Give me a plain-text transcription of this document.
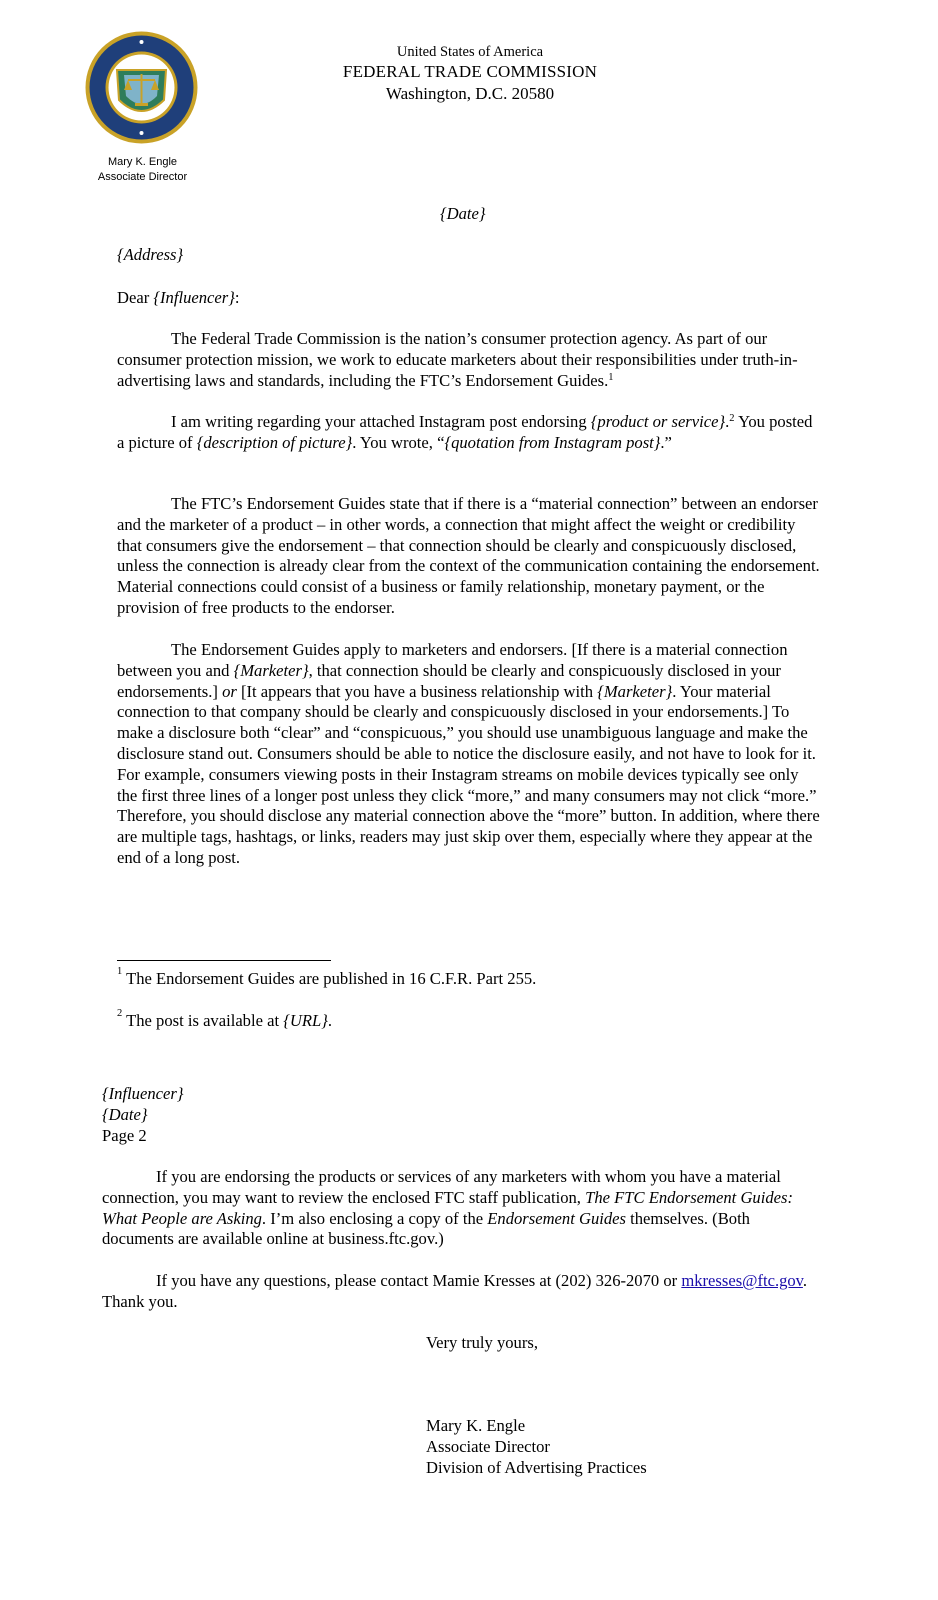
United States of America
FEDERAL TRADE COMMISSION
Washington, D.C. 20580
Mary K. Engle
Associate Director
{Date}
{Address}
Dear {Influencer}:

The Federal Trade Commission is the nation’s consumer protection agency. As part of our consumer protection mission, we work to educate marketers about their responsibilities under truth-in-advertising laws and standards, including the FTC’s Endorsement Guides.$^1$

I am writing regarding your attached Instagram post endorsing {product or service}.$^2$ You posted a picture of {description of picture}. You wrote, “{quotation from Instagram post}.”

The FTC’s Endorsement Guides state that if there is a “material connection” between an endorser and the marketer of a product – in other words, a connection that might affect the weight or credibility that consumers give the endorsement – that connection should be clearly and conspicuously disclosed, unless the connection is already clear from the context of the communication containing the endorsement. Material connections could consist of a business or family relationship, monetary payment, or the provision of free products to the endorser.

The Endorsement Guides apply to marketers and endorsers. [If there is a material connection between you and {Marketer}, that connection should be clearly and conspicuously disclosed in your endorsements.] or [It appears that you have a business relationship with {Marketer}. Your material connection to that company should be clearly and conspicuously disclosed in your endorsements.] To make a disclosure both “clear” and “conspicuous,” you should use unambiguous language and make the disclosure stand out. Consumers should be able to notice the disclosure easily, and not have to look for it. For example, consumers viewing posts in their Instagram streams on mobile devices typically see only the first three lines of a longer post unless they click “more,” and many consumers may not click “more.” Therefore, you should disclose any material connection above the “more” button. In addition, where there are multiple tags, hashtags, or links, readers may just skip over them, especially where they appear at the end of a long post.

$^1$ The Endorsement Guides are published in 16 C.F.R. Part 255.
$^2$ The post is available at {URL}.
{Influencer}
{Date}
Page 2

If you are endorsing the products or services of any marketers with whom you have a material connection, you may want to review the enclosed FTC staff publication, The FTC Endorsement Guides: What People are Asking. I’m also enclosing a copy of the Endorsement Guides themselves. (Both documents are available online at business.ftc.gov.)

If you have any questions, please contact Mamie Kresses at (202) 326-2070 or mkresses@ftc.gov. Thank you.

Very truly yours,
Mary K. Engle
Associate Director
Division of Advertising Practices
